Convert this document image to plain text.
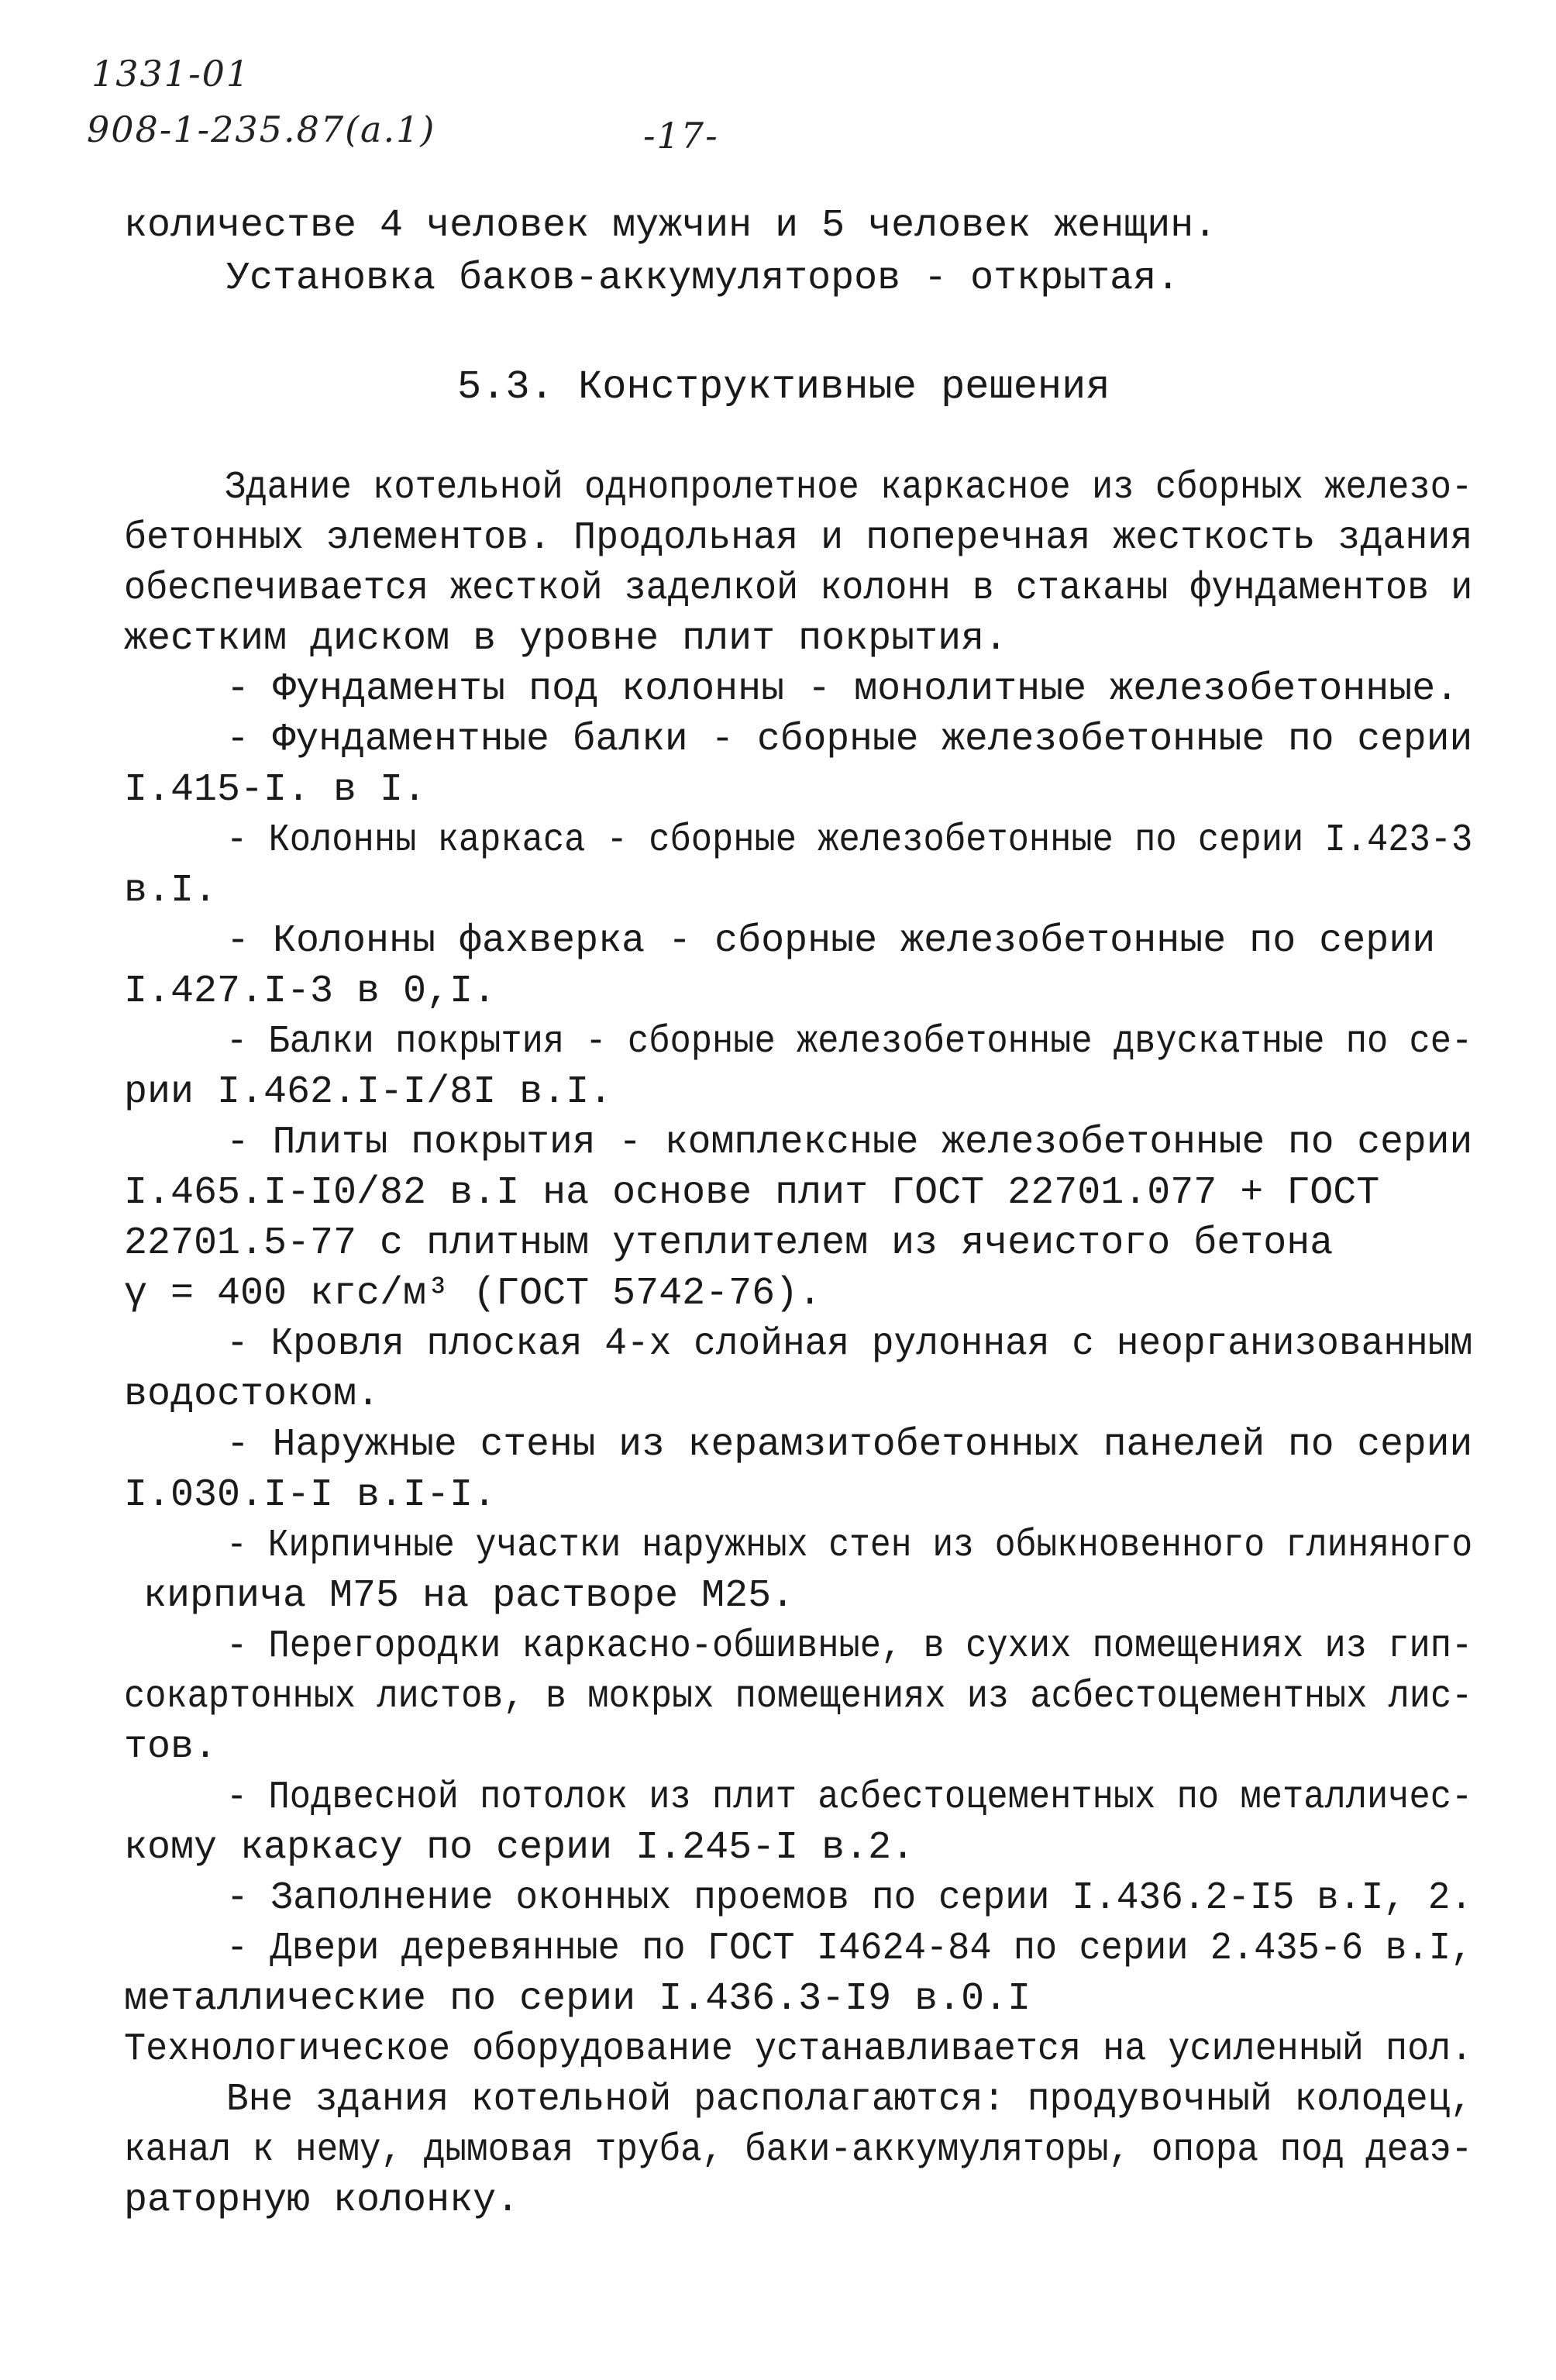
1331-01
908-1-235.87(a.1)	-17-
количестве 4 человек мужчин и 5 человек женщин.
Установка баков-аккумуляторов - открытая.
5.3. Конструктивные решения
Здание котельной однопролетное каркасное из сборных железо-
бетонных элементов. Продольная и поперечная жесткость здания
обеспечивается жесткой заделкой колонн в стаканы фундаментов и
жестким диском в уровне плит покрытия.
- Фундаменты под колонны - монолитные железобетонные.
- Фундаментные балки - сборные железобетонные по серии
I.415-I. в I.
- Колонны каркаса - сборные железобетонные по серии I.423-3
в.I.
- Колонны фахверка - сборные железобетонные по серии
I.427.I-3 в 0,I.
- Балки покрытия - сборные железобетонные двускатные по се-
рии I.462.I-I/8I в.I.
- Плиты покрытия - комплексные железобетонные по серии
I.465.I-I0/82 в.I на основе плит ГОСТ 22701.077 + ГОСТ
22701.5-77 с плитным утеплителем из ячеистого бетона
γ = 400 кгс/м³ (ГОСТ 5742-76).
- Кровля плоская 4-х слойная рулонная с неорганизованным
водостоком.
- Наружные стены из керамзитобетонных панелей по серии
I.030.I-I в.I-I.
- Кирпичные участки наружных стен из обыкновенного глиняного
кирпича М75 на растворе М25.
- Перегородки каркасно-обшивные, в сухих помещениях из гип-
сокартонных листов, в мокрых помещениях из асбестоцементных лис-
тов.
- Подвесной потолок из плит асбестоцементных по металличес-
кому каркасу по серии I.245-I в.2.
- Заполнение оконных проемов по серии I.436.2-I5 в.I, 2.
- Двери деревянные по ГОСТ I4624-84 по серии 2.435-6 в.I,
металлические по серии I.436.3-I9 в.0.I
Технологическое оборудование устанавливается на усиленный пол.
Вне здания котельной располагаются: продувочный колодец,
канал к нему, дымовая труба, баки-аккумуляторы, опора под деаэ-
раторную колонку.
